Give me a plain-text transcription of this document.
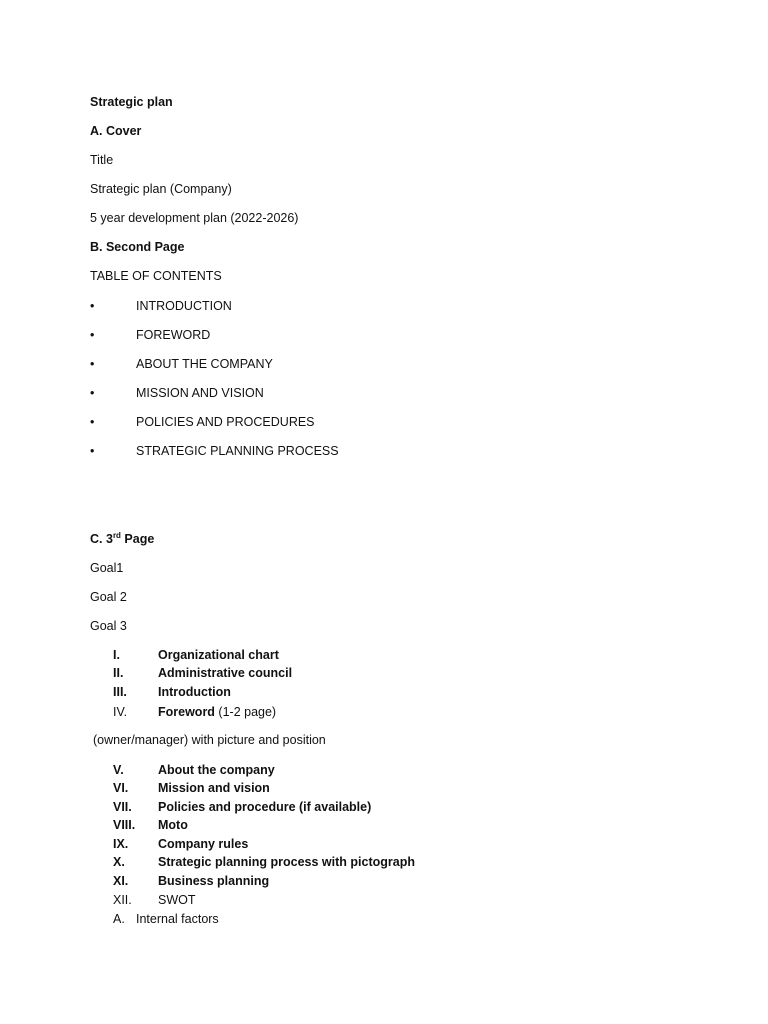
Strategic plan
A. Cover
Title
Strategic plan (Company)
5 year development plan (2022-2026)
B. Second Page
TABLE OF CONTENTS
•	INTRODUCTION
•	FOREWORD
•	ABOUT THE COMPANY
•	MISSION AND VISION
•	POLICIES AND PROCEDURES
•	STRATEGIC PLANNING PROCESS
C. 3rd Page
Goal1
Goal 2
Goal 3
I.	Organizational chart
II.	Administrative council
III. Introduction
IV. Foreword (1-2 page)
(owner/manager) with picture and position
V.	About the company
VI. Mission and vision
VII. Policies and procedure (if available)
VIII. Moto
IX. Company rules
X.	Strategic planning process with pictograph
XI. Business planning
XII. SWOT
A. Internal factors
